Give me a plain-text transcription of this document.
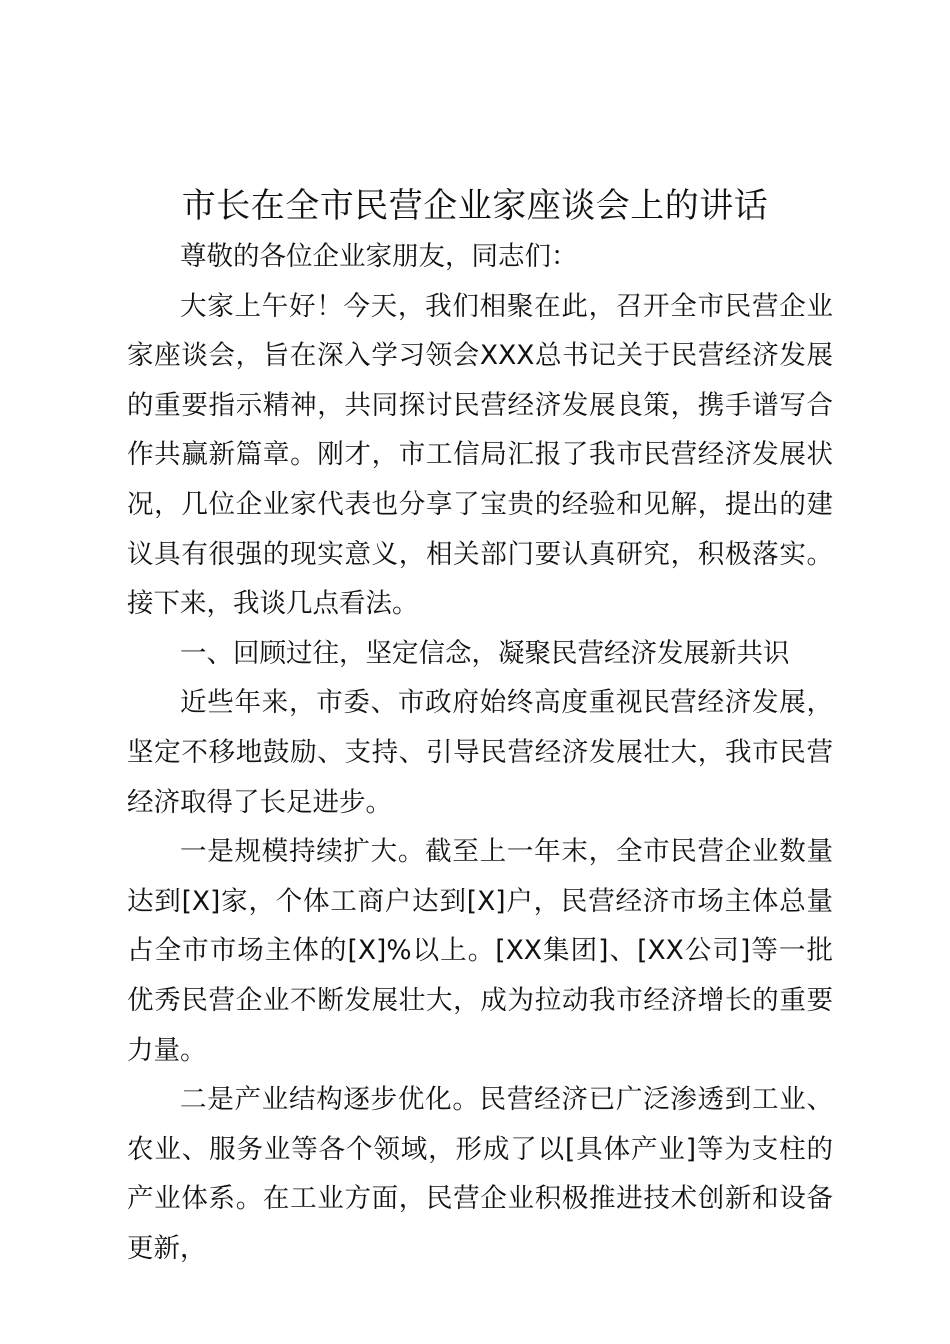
市长在全市民营企业家座谈会上的讲话

尊敬的各位企业家朋友，同志们：

大家上午好！今天，我们相聚在此，召开全市民营企业家座谈会，旨在深入学习领会XXX总书记关于民营经济发展的重要指示精神，共同探讨民营经济发展良策，携手谱写合作共赢新篇章。刚才，市工信局汇报了我市民营经济发展状况，几位企业家代表也分享了宝贵的经验和见解，提出的建议具有很强的现实意义，相关部门要认真研究，积极落实。接下来，我谈几点看法。

一、回顾过往，坚定信念，凝聚民营经济发展新共识

近些年来，市委、市政府始终高度重视民营经济发展，坚定不移地鼓励、支持、引导民营经济发展壮大，我市民营经济取得了长足进步。

一是规模持续扩大。截至上一年末，全市民营企业数量达到[X]家，个体工商户达到[X]户，民营经济市场主体总量占全市市场主体的[X]%以上。[XX集团]、[XX公司]等一批优秀民营企业不断发展壮大，成为拉动我市经济增长的重要力量。

二是产业结构逐步优化。民营经济已广泛渗透到工业、农业、服务业等各个领域，形成了以[具体产业]等为支柱的产业体系。在工业方面，民营企业积极推进技术创新和设备更新，
